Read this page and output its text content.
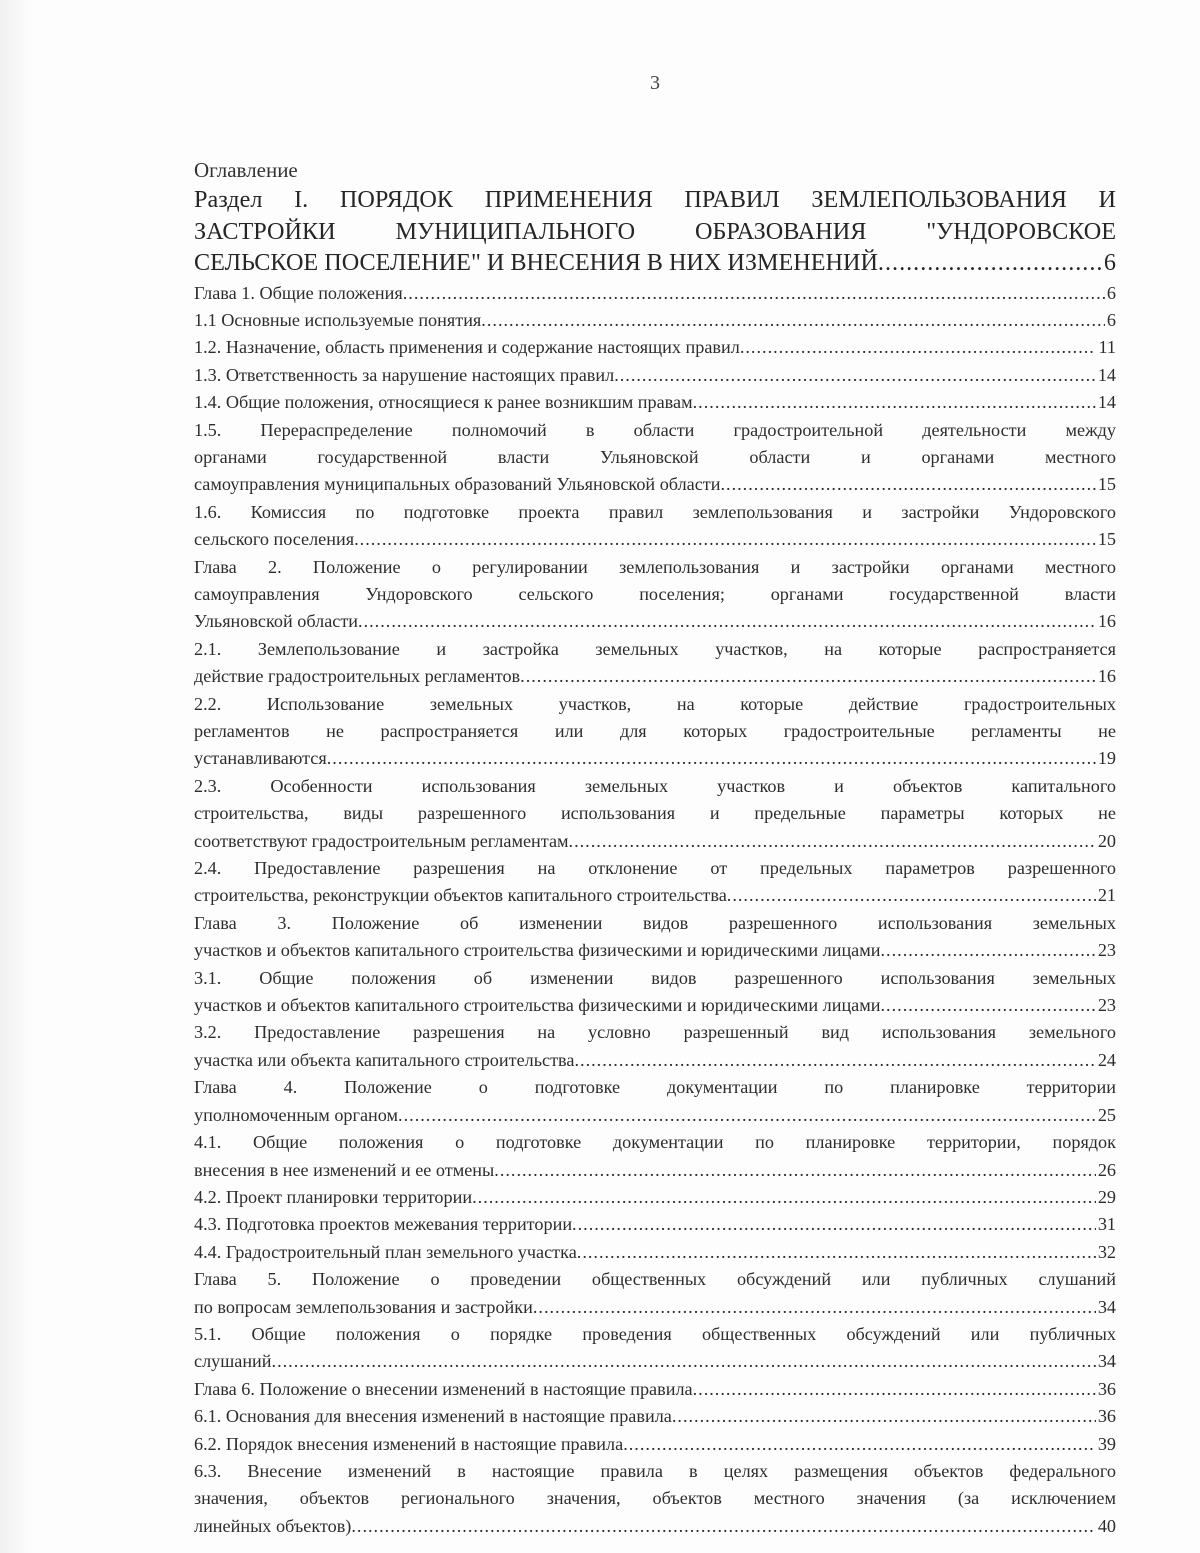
3

Оглавление

Раздел I. ПОРЯДОК ПРИМЕНЕНИЯ ПРАВИЛ ЗЕМЛЕПОЛЬЗОВАНИЯ И
ЗАСТРОЙКИ МУНИЦИПАЛЬНОГО ОБРАЗОВАНИЯ "УНДОРОВСКОЕ
СЕЛЬСКОЕ ПОСЕЛЕНИЕ" И ВНЕСЕНИЯ В НИХ ИЗМЕНЕНИЙ .....	6
Глава 1. Общие положения .....	6
1.1 Основные используемые понятия .....	6
1.2. Назначение, область применения и содержание настоящих правил .....	11
1.3. Ответственность за нарушение настоящих правил .....	14
1.4. Общие положения, относящиеся к ранее возникшим правам .....	14
1.5. Перераспределение полномочий в области градостроительной деятельности между
органами государственной власти Ульяновской области и органами местного
самоуправления муниципальных образований Ульяновской области .....	15
1.6. Комиссия по подготовке проекта правил землепользования и застройки Ундоровского
сельского поселения .....	15
Глава 2. Положение о регулировании землепользования и застройки органами местного
самоуправления Ундоровского сельского поселения; органами государственной власти
Ульяновской области .....	16
2.1. Землепользование и застройка земельных участков, на которые распространяется
действие градостроительных регламентов .....	16
2.2. Использование земельных участков, на которые действие градостроительных
регламентов не распространяется или для которых градостроительные регламенты не
устанавливаются .....	19
2.3. Особенности использования земельных участков и объектов капитального
строительства, виды разрешенного использования и предельные параметры которых не
соответствуют градостроительным регламентам .....	20
2.4. Предоставление разрешения на отклонение от предельных параметров разрешенного
строительства, реконструкции объектов капитального строительства .....	21
Глава 3. Положение об изменении видов разрешенного использования земельных
участков и объектов капитального строительства физическими и юридическими лицами .....	23
3.1. Общие положения об изменении видов разрешенного использования земельных
участков и объектов капитального строительства физическими и юридическими лицами .....	23
3.2. Предоставление разрешения на условно разрешенный вид использования земельного
участка или объекта капитального строительства .....	24
Глава 4. Положение о подготовке документации по планировке территории
уполномоченным органом .....	25
4.1. Общие положения о подготовке документации по планировке территории, порядок
внесения в нее изменений и ее отмены .....	26
4.2. Проект планировки территории .....	29
4.3. Подготовка проектов межевания территории .....	31
4.4. Градостроительный план земельного участка .....	32
Глава 5. Положение о проведении общественных обсуждений или публичных слушаний
по вопросам землепользования и застройки .....	34
5.1. Общие положения о порядке проведения общественных обсуждений или публичных
слушаний .....	34
Глава 6. Положение о внесении изменений в настоящие правила .....	36
6.1. Основания для внесения изменений в настоящие правила .....	36
6.2. Порядок внесения изменений в настоящие правила .....	39
6.3. Внесение изменений в настоящие правила в целях размещения объектов федерального
значения, объектов регионального значения, объектов местного значения (за исключением
линейных объектов) .....	40
